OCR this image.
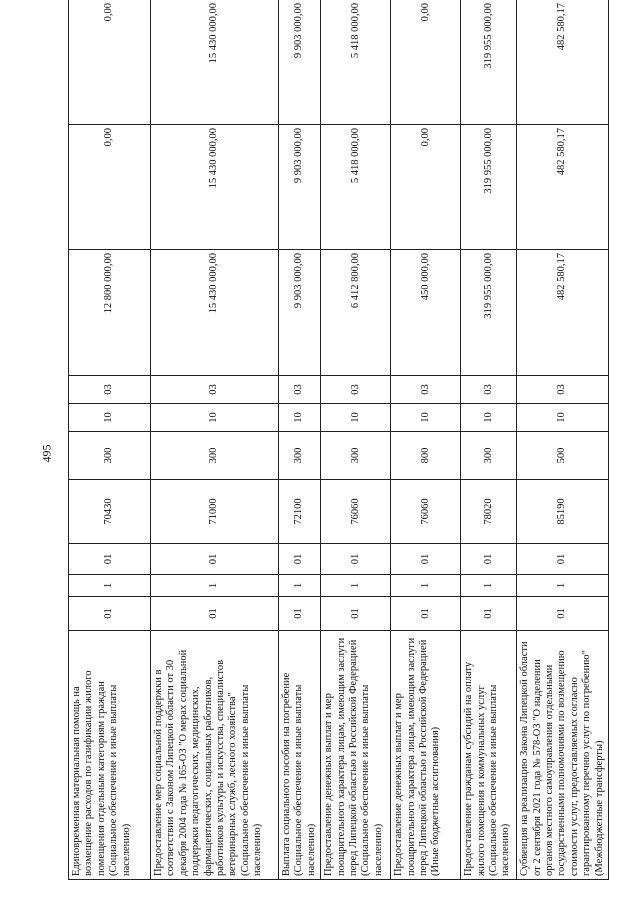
495
Единовременная материальная помощь на возмещение расходов по газификации жилого помещения отдельным категориям граждан (Социальное обеспечение и иные выплаты населению)	01	1	01	70430	300	10	03	12 800 000,00	0,00	0,00
Предоставление мер социальной поддержки в соответствии с Законом Липецкой области от 30 декабря 2004 года № 165-ОЗ "О мерах социальной поддержки педагогических, медицинских, фармацевтических, социальных работников, работников культуры и искусства, специалистов ветеринарных служб, лесного хозяйства" (Социальное обеспечение и иные выплаты населению)	01	1	01	71000	300	10	03	15 430 000,00	15 430 000,00	15 430 000,00
Выплата социального пособия на погребение (Социальное обеспечение и иные выплаты населению)	01	1	01	72100	300	10	03	9 903 000,00	9 903 000,00	9 903 000,00
Предоставление денежных выплат и мер поощрительного характера лицам, имеющим заслуги перед Липецкой областью и Российской Федерацией (Социальное обеспечение и иные выплаты населению)	01	1	01	76060	300	10	03	6 412 800,00	5 418 000,00	5 418 000,00
Предоставление денежных выплат и мер поощрительного характера лицам, имеющим заслуги перед Липецкой областью и Российской Федерацией (Иные бюджетные ассигнования)	01	1	01	76060	800	10	03	450 000,00	0,00	0,00
Предоставление гражданам субсидий на оплату жилого помещения и коммунальных услуг (Социальное обеспечение и иные выплаты населению)	01	1	01	78020	300	10	03	319 955 000,00	319 955 000,00	319 955 000,00
Субвенция на реализацию Закона Липецкой области от 2 сентября 2021 года № 578-ОЗ "О наделении органов местного самоуправления отдельными государственными полномочиями по возмещению стоимости услуг, предоставляемых согласно гарантированному перечню услуг по погребению" (Межбюджетные трансферты)	01	1	01	85190	500	10	03	482 580,17	482 580,17	482 580,17
